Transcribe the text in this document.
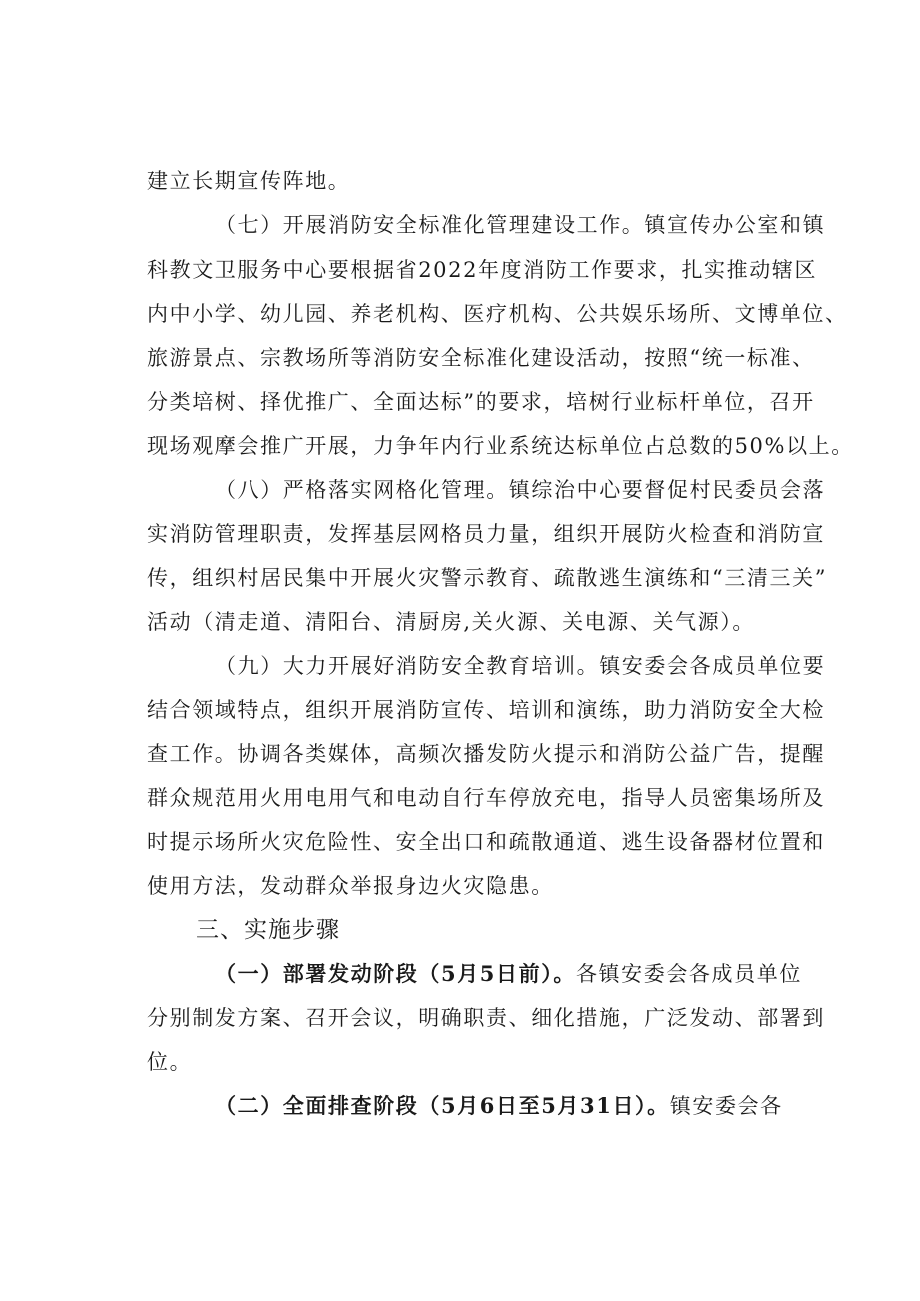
建立长期宣传阵地。
（七）开展消防安全标准化管理建设工作。镇宣传办公室和镇
科教文卫服务中心要根据省2022年度消防工作要求，扎实推动辖区
内中小学、幼儿园、养老机构、医疗机构、公共娱乐场所、文博单位、
旅游景点、宗教场所等消防安全标准化建设活动，按照“统一标准、
分类培树、择优推广、全面达标”的要求，培树行业标杆单位，召开
现场观摩会推广开展，力争年内行业系统达标单位占总数的50%以上。
（八）严格落实网格化管理。镇综治中心要督促村民委员会落
实消防管理职责，发挥基层网格员力量，组织开展防火检查和消防宣
传，组织村居民集中开展火灾警示教育、疏散逃生演练和“三清三关”
活动（清走道、清阳台、清厨房,关火源、关电源、关气源）。
（九）大力开展好消防安全教育培训。镇安委会各成员单位要
结合领域特点，组织开展消防宣传、培训和演练，助力消防安全大检
查工作。协调各类媒体，高频次播发防火提示和消防公益广告，提醒
群众规范用火用电用气和电动自行车停放充电，指导人员密集场所及
时提示场所火灾危险性、安全出口和疏散通道、逃生设备器材位置和
使用方法，发动群众举报身边火灾隐患。
三、实施步骤
（一）部署发动阶段（5月5日前）。各镇安委会各成员单位
分别制发方案、召开会议，明确职责、细化措施，广泛发动、部署到
位。
（二）全面排查阶段（5月6日至5月31日）。镇安委会各
